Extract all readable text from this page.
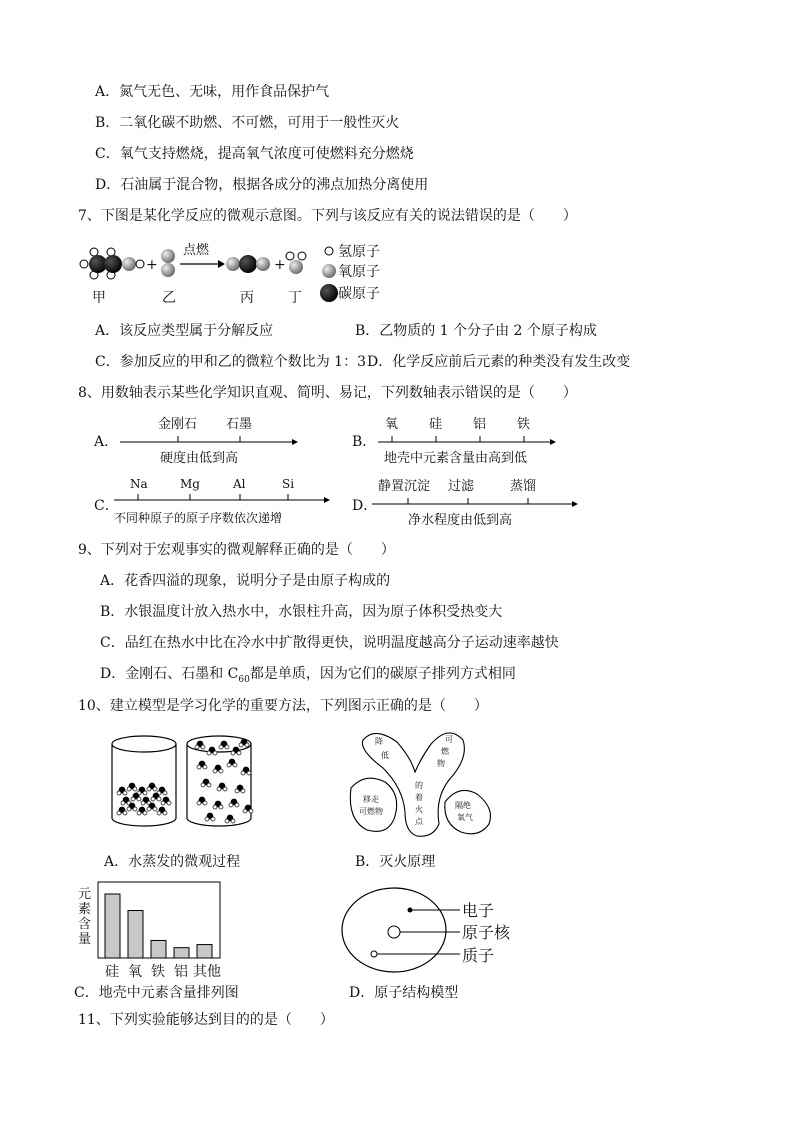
A．氮气无色、无味，用作食品保护气
B．二氧化碳不助燃、不可燃，可用于一般性灭火
C．氧气支持燃烧，提高氧气浓度可使燃料充分燃烧
D．石油属于混合物，根据各成分的沸点加热分离使用
7、下图是某化学反应的微观示意图。下列与该反应有关的说法错误的是（　　）
+
点燃
+
甲	乙	丙 丁
氢原子
氧原子
碳原子
A．该反应类型属于分解反应	B．乙物质的 1 个分子由 2 个原子构成
C．参加反应的甲和乙的微粒个数比为 1：3 D．化学反应前后元素的种类没有发生改变
8、用数轴表示某些化学知识直观、简明、易记，下列数轴表示错误的是（　　）
A．
金刚石 石墨
硬度由低到高
B．
氧 硅 铝 铁
地壳中元素含量由高到低
C．
Na	Mg	Al	Si
不同种原子的原子序数依次递增
D．
静置沉淀 过滤	蒸馏
净水程度由低到高
9、下列对于宏观事实的微观解释正确的是（　　）
A．花香四溢的现象，说明分子是由原子构成的
B．水银温度计放入热水中，水银柱升高，因为原子体积受热变大
C．品红在热水中比在冷水中扩散得更快，说明温度越高分子运动速率越快
D．金刚石、石墨和 $C_{60}$都是单质，因为它们的碳原子排列方式相同
10、建立模型是学习化学的重要方法，下列图示正确的是（　　）
降
低
可
燃
物
的
着
火
点
移走
可燃物
隔绝
氧气
A．水蒸发的微观过程	B．灭火原理
元
素
含
量
硅 氧 铁 铝 其他
电子
原子核
质子
C．地壳中元素含量排列图	D．原子结构模型
11、下列实验能够达到目的的是（　　）
